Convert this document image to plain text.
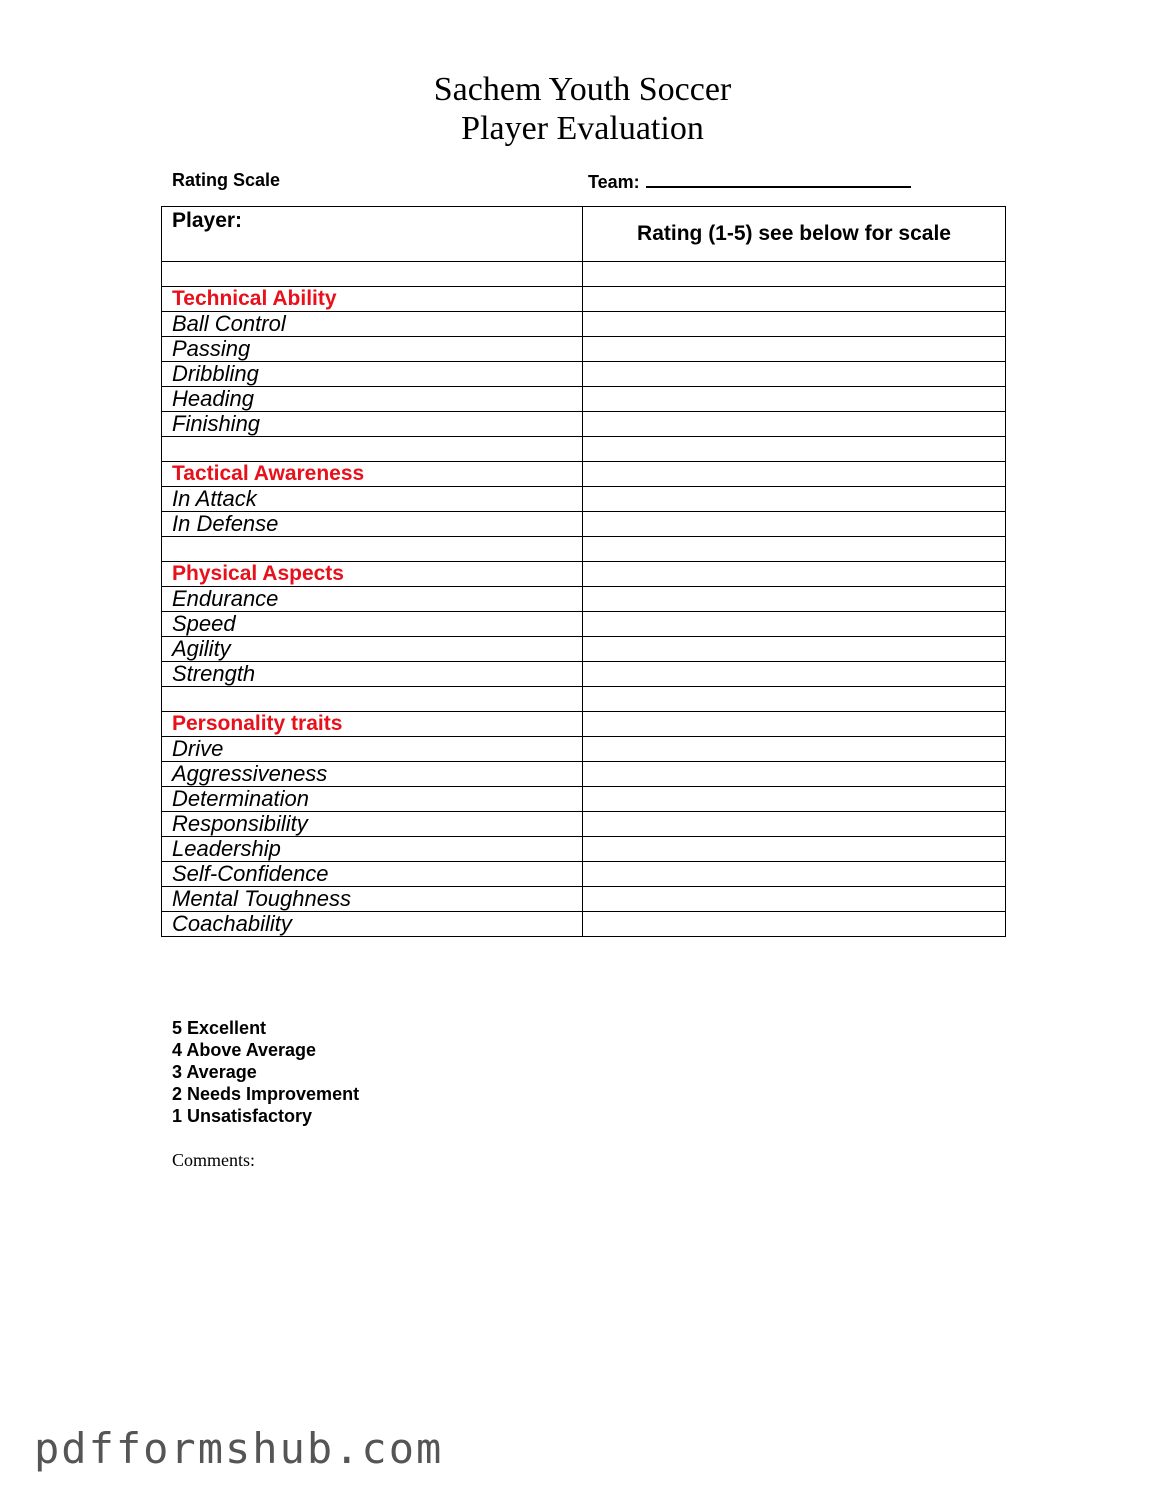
Sachem Youth Soccer
Player Evaluation
Rating Scale	Team:
Player:	Rating (1-5) see below for scale

Technical Ability	
Ball Control	
Passing	
Dribbling	
Heading	
Finishing	

Tactical Awareness	
In Attack	
In Defense	

Physical Aspects	
Endurance	
Speed	
Agility	
Strength	

Personality traits	
Drive	
Aggressiveness	
Determination	
Responsibility	
Leadership	
Self-Confidence	
Mental Toughness	
Coachability	
5 Excellent
4 Above Average
3 Average
2 Needs Improvement
1 Unsatisfactory
Comments:
pdfformshub.com
